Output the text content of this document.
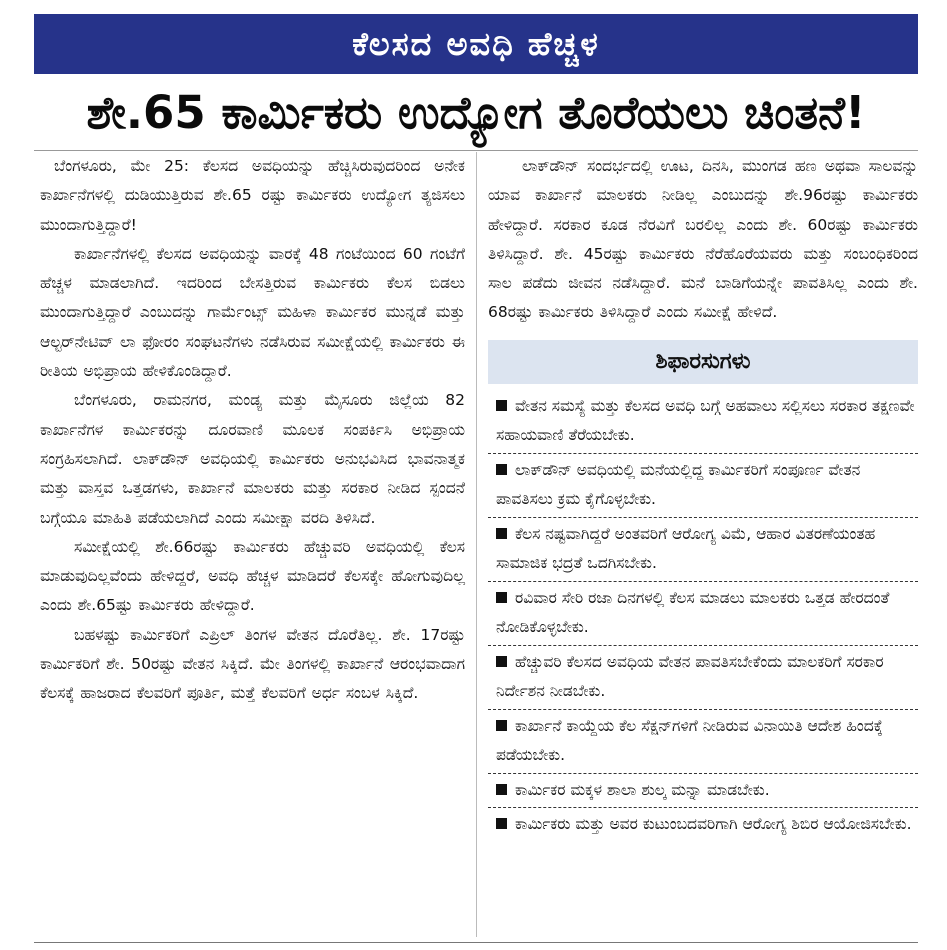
ಕೆಲಸದ ಅವಧಿ ಹೆಚ್ಚಳ
ಶೇ.65 ಕಾರ್ಮಿಕರು ಉದ್ಯೋಗ ತೊರೆಯಲು ಚಿಂತನೆ!

ಬೆಂಗಳೂರು, ಮೇ 25: ಕೆಲಸದ ಅವಧಿಯನ್ನು ಹೆಚ್ಚಿಸಿರುವುದರಿಂದ ಅನೇಕ ಕಾರ್ಖಾನೆಗಳಲ್ಲಿ ದುಡಿಯುತ್ತಿರುವ ಶೇ.65 ರಷ್ಟು ಕಾರ್ಮಿಕರು ಉದ್ಯೋಗ ತ್ಯಜಿಸಲು ಮುಂದಾಗುತ್ತಿದ್ದಾರೆ!

ಕಾರ್ಖಾನೆಗಳಲ್ಲಿ ಕೆಲಸದ ಅವಧಿಯನ್ನು ವಾರಕ್ಕೆ 48 ಗಂಟೆಯಿಂದ 60 ಗಂಟೆಗೆ ಹೆಚ್ಚಳ ಮಾಡಲಾಗಿದೆ. ಇದರಿಂದ ಬೇಸತ್ತಿರುವ ಕಾರ್ಮಿಕರು ಕೆಲಸ ಬಿಡಲು ಮುಂದಾಗುತ್ತಿದ್ದಾರೆ ಎಂಬುದನ್ನು ಗಾರ್ಮೆಂಟ್ಸ್ ಮಹಿಳಾ ಕಾರ್ಮಿಕರ ಮುನ್ನಡೆ ಮತ್ತು ಆಲ್ಟರ್‌ನೇಟಿವ್ ಲಾ ಫೋರಂ ಸಂಘಟನೆಗಳು ನಡೆಸಿರುವ ಸಮೀಕ್ಷೆಯಲ್ಲಿ ಕಾರ್ಮಿಕರು ಈ ರೀತಿಯ ಅಭಿಪ್ರಾಯ ಹೇಳಿಕೊಂಡಿದ್ದಾರೆ.

ಬೆಂಗಳೂರು, ರಾಮನಗರ, ಮಂಡ್ಯ ಮತ್ತು ಮೈಸೂರು ಜಿಲ್ಲೆಯ 82 ಕಾರ್ಖಾನೆಗಳ ಕಾರ್ಮಿಕರನ್ನು ದೂರವಾಣಿ ಮೂಲಕ ಸಂಪರ್ಕಿಸಿ ಅಭಿಪ್ರಾಯ ಸಂಗ್ರಹಿಸಲಾಗಿದೆ. ಲಾಕ್‌ಡೌನ್ ಅವಧಿಯಲ್ಲಿ ಕಾರ್ಮಿಕರು ಅನುಭವಿಸಿದ ಭಾವನಾತ್ಮಕ ಮತ್ತು ವಾಸ್ತವ ಒತ್ತಡಗಳು, ಕಾರ್ಖಾನೆ ಮಾಲಕರು ಮತ್ತು ಸರಕಾರ ನೀಡಿದ ಸ್ಪಂದನೆ ಬಗ್ಗೆಯೂ ಮಾಹಿತಿ ಪಡೆಯಲಾಗಿದೆ ಎಂದು ಸಮೀಕ್ಷಾ ವರದಿ ತಿಳಿಸಿದೆ.

ಸಮೀಕ್ಷೆಯಲ್ಲಿ ಶೇ.66ರಷ್ಟು ಕಾರ್ಮಿಕರು ಹೆಚ್ಚುವರಿ ಅವಧಿಯಲ್ಲಿ ಕೆಲಸ ಮಾಡುವುದಿಲ್ಲವೆಂದು ಹೇಳಿದ್ದರೆ, ಅವಧಿ ಹೆಚ್ಚಳ ಮಾಡಿದರೆ ಕೆಲಸಕ್ಕೇ ಹೋಗುವುದಿಲ್ಲ ಎಂದು ಶೇ.65ಷ್ಟು ಕಾರ್ಮಿಕರು ಹೇಳಿದ್ದಾರೆ.

ಬಹಳಷ್ಟು ಕಾರ್ಮಿಕರಿಗೆ ಎಪ್ರಿಲ್ ತಿಂಗಳ ವೇತನ ದೊರೆತಿಲ್ಲ. ಶೇ. 17ರಷ್ಟು ಕಾರ್ಮಿಕರಿಗೆ ಶೇ. 50ರಷ್ಟು ವೇತನ ಸಿಕ್ಕಿದೆ. ಮೇ ತಿಂಗಳಲ್ಲಿ ಕಾರ್ಖಾನೆ ಆರಂಭವಾದಾಗ ಕೆಲಸಕ್ಕೆ ಹಾಜರಾದ ಕೆಲವರಿಗೆ ಪೂರ್ತಿ, ಮತ್ತೆ ಕೆಲವರಿಗೆ ಅರ್ಧ ಸಂಬಳ ಸಿಕ್ಕಿದೆ.

ಲಾಕ್‌ಡೌನ್ ಸಂದರ್ಭದಲ್ಲಿ ಊಟ, ದಿನಸಿ, ಮುಂಗಡ ಹಣ ಅಥವಾ ಸಾಲವನ್ನು ಯಾವ ಕಾರ್ಖಾನೆ ಮಾಲಕರು ನೀಡಿಲ್ಲ ಎಂಬುದನ್ನು ಶೇ.96ರಷ್ಟು ಕಾರ್ಮಿಕರು ಹೇಳಿದ್ದಾರೆ. ಸರಕಾರ ಕೂಡ ನೆರವಿಗೆ ಬರಲಿಲ್ಲ ಎಂದು ಶೇ. 60ರಷ್ಟು ಕಾರ್ಮಿಕರು ತಿಳಿಸಿದ್ದಾರೆ. ಶೇ. 45ರಷ್ಟು ಕಾರ್ಮಿಕರು ನೆರೆಹೊರೆಯವರು ಮತ್ತು ಸಂಬಂಧಿಕರಿಂದ ಸಾಲ ಪಡೆದು ಜೀವನ ನಡೆಸಿದ್ದಾರೆ. ಮನೆ ಬಾಡಿಗೆಯನ್ನೇ ಪಾವತಿಸಿಲ್ಲ ಎಂದು ಶೇ. 68ರಷ್ಟು ಕಾರ್ಮಿಕರು ತಿಳಿಸಿದ್ದಾರೆ ಎಂದು ಸಮೀಕ್ಷೆ ಹೇಳಿದೆ.

ಶಿಫಾರಸುಗಳು
ವೇತನ ಸಮಸ್ಯೆ ಮತ್ತು ಕೆಲಸದ ಅವಧಿ ಬಗ್ಗೆ ಅಹವಾಲು ಸಲ್ಲಿಸಲು ಸರಕಾರ ತಕ್ಷಣವೇ ಸಹಾಯವಾಣಿ ತೆರೆಯಬೇಕು.
ಲಾಕ್‌ಡೌನ್ ಅವಧಿಯಲ್ಲಿ ಮನೆಯಲ್ಲಿದ್ದ ಕಾರ್ಮಿಕರಿಗೆ ಸಂಪೂರ್ಣ ವೇತನ ಪಾವತಿಸಲು ಕ್ರಮ ಕೈಗೊಳ್ಳಬೇಕು.
ಕೆಲಸ ನಷ್ಟವಾಗಿದ್ದರೆ ಅಂತವರಿಗೆ ಆರೋಗ್ಯ ವಿಮೆ, ಆಹಾರ ವಿತರಣೆಯಂತಹ ಸಾಮಾಜಿಕ ಭದ್ರತೆ ಒದಗಿಸಬೇಕು.
ರವಿವಾರ ಸೇರಿ ರಜಾ ದಿನಗಳಲ್ಲಿ ಕೆಲಸ ಮಾಡಲು ಮಾಲಕರು ಒತ್ತಡ ಹೇರದಂತೆ ನೋಡಿಕೊಳ್ಳಬೇಕು.
ಹೆಚ್ಚುವರಿ ಕೆಲಸದ ಅವಧಿಯ ವೇತನ ಪಾವತಿಸಬೇಕೆಂದು ಮಾಲಕರಿಗೆ ಸರಕಾರ ನಿರ್ದೇಶನ ನೀಡಬೇಕು.
ಕಾರ್ಖಾನೆ ಕಾಯ್ದೆಯ ಕೆಲ ಸೆಕ್ಷನ್‌ಗಳಿಗೆ ನೀಡಿರುವ ವಿನಾಯಿತಿ ಆದೇಶ ಹಿಂದಕ್ಕೆ ಪಡೆಯಬೇಕು.
ಕಾರ್ಮಿಕರ ಮಕ್ಕಳ ಶಾಲಾ ಶುಲ್ಕ ಮನ್ನಾ ಮಾಡಬೇಕು.
ಕಾರ್ಮಿಕರು ಮತ್ತು ಅವರ ಕುಟುಂಬದವರಿಗಾಗಿ ಆರೋಗ್ಯ ಶಿಬಿರ ಆಯೋಜಿಸಬೇಕು.
